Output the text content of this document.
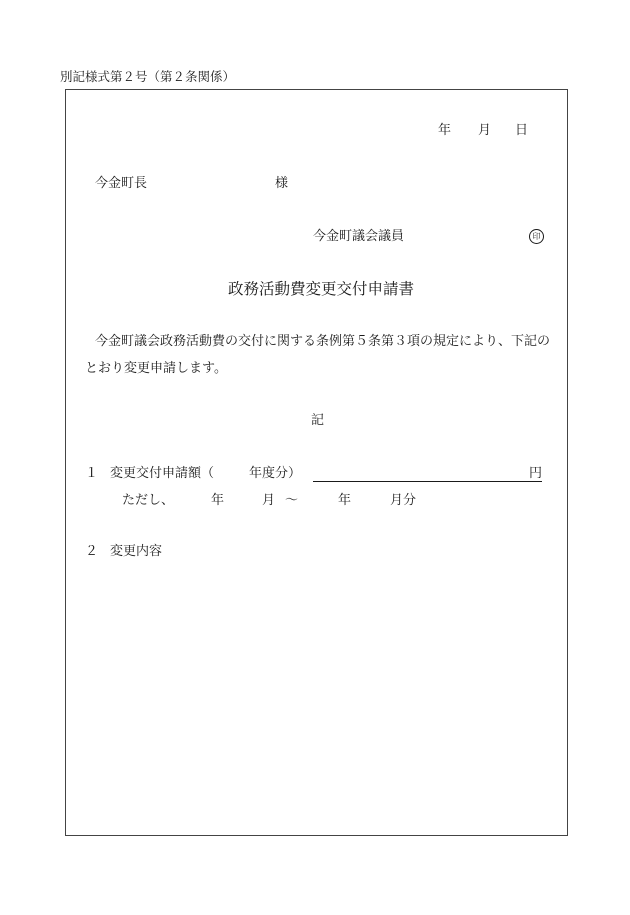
別記様式第２号（第２条関係）
年 月 日
今金町長	様
今金町議会議員	印
政務活動費変更交付申請書
今金町議会政務活動費の交付に関する条例第５条第３項の規定により、下記の
とおり変更申請します。
記
１ 変更交付申請額（	年度分）	円
ただし、	年	月 ～	年	月分
２ 変更内容
